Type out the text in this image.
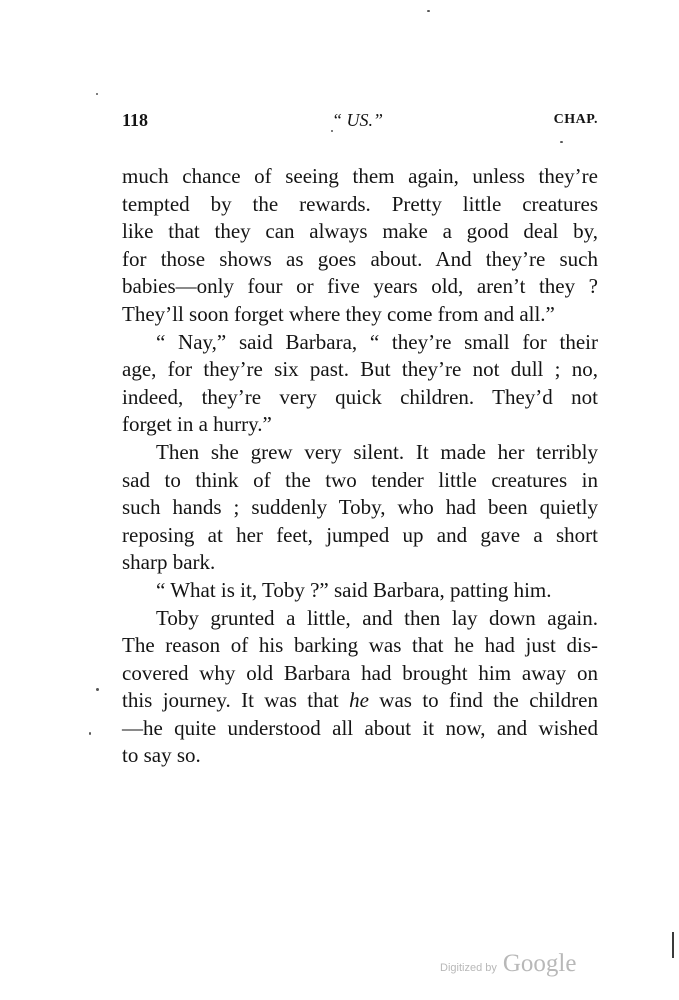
118	“ US.”	CHAP.
much chance of seeing them again, unless they’re
tempted by the rewards. Pretty little creatures
like that they can always make a good deal by,
for those shows as goes about. And they’re such
babies—only four or five years old, aren’t they ?
They’ll soon forget where they come from and all.”
“ Nay,” said Barbara, “ they’re small for their
age, for they’re six past. But they’re not dull ; no,
indeed, they’re very quick children. They’d not
forget in a hurry.”
Then she grew very silent. It made her terribly
sad to think of the two tender little creatures in
such hands ; suddenly Toby, who had been quietly
reposing at her feet, jumped up and gave a short
sharp bark.
“ What is it, Toby ?” said Barbara, patting him.
Toby grunted a little, and then lay down again.
The reason of his barking was that he had just dis-
covered why old Barbara had brought him away on
this journey. It was that he was to find the children
—he quite understood all about it now, and wished
to say so.
Digitized by Google
